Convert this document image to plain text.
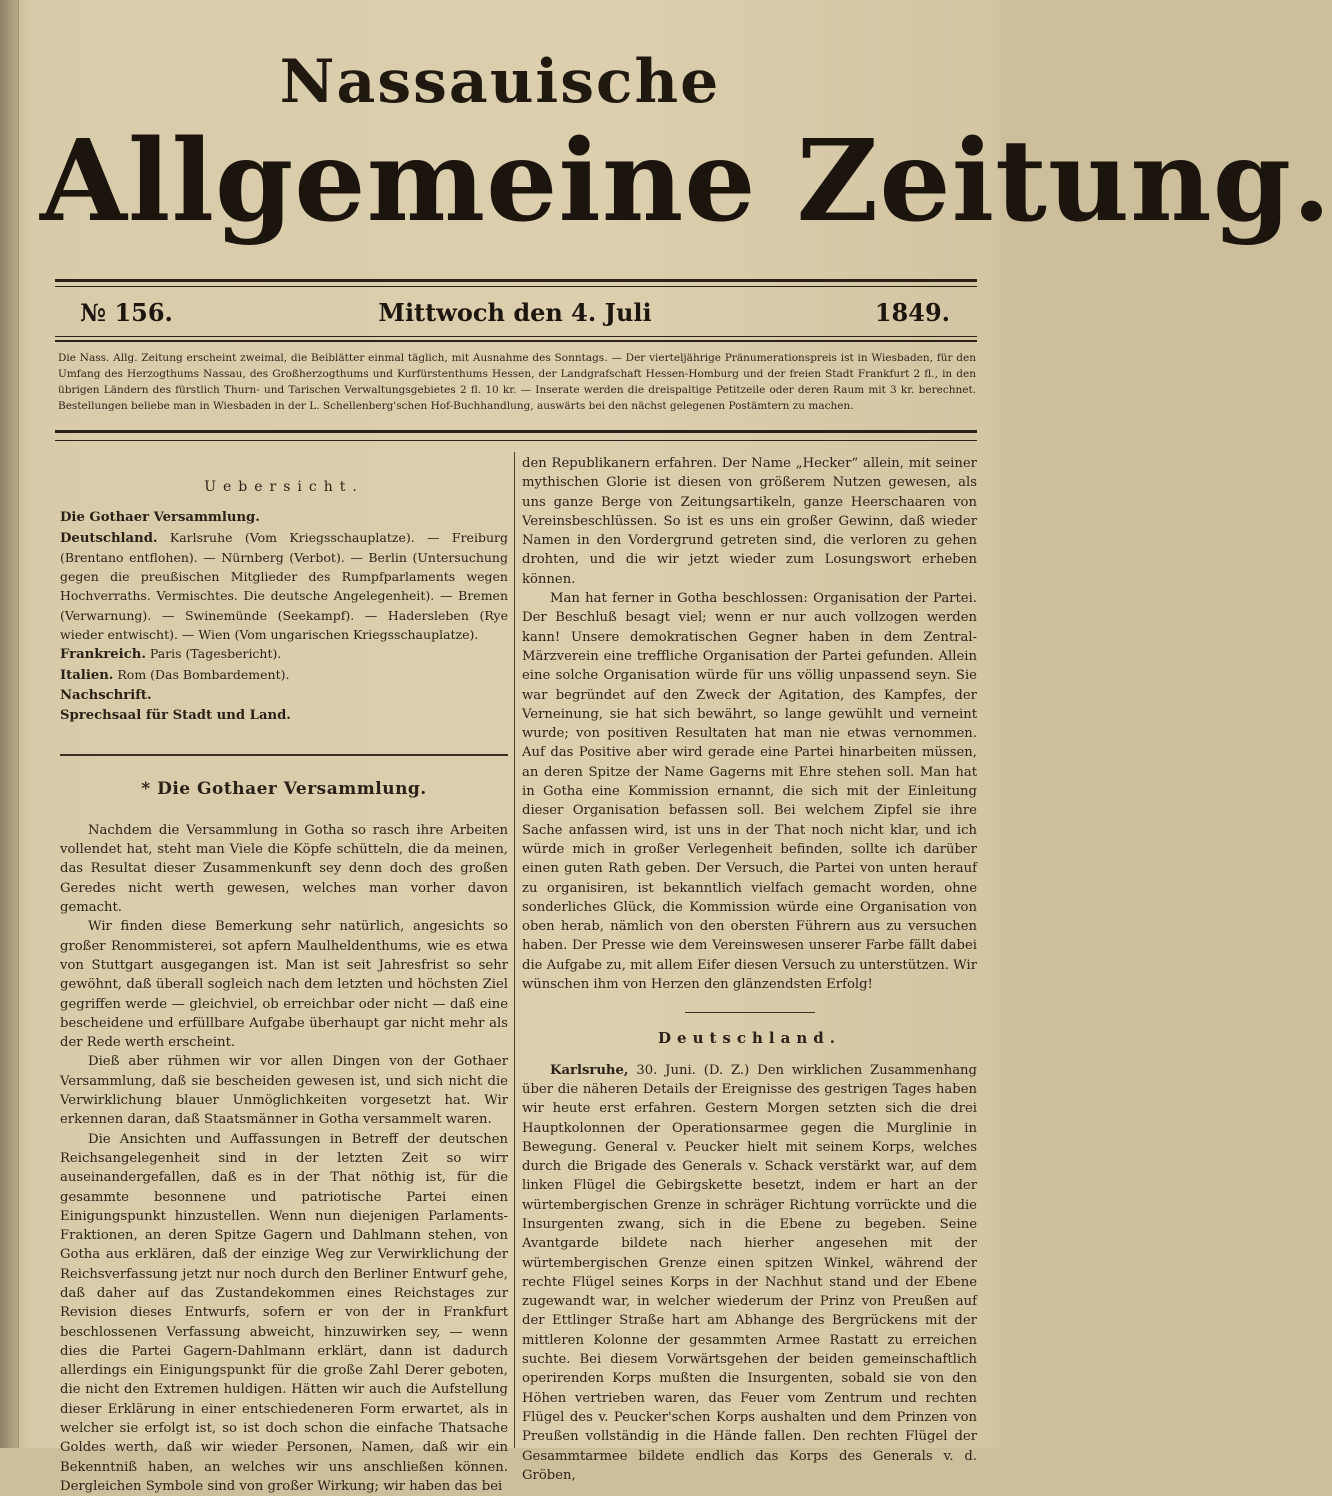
Nassauische
Allgemeine Zeitung.
№ 156.	Mittwoch den 4. Juli	1849.
Die Nass. Allg. Zeitung erscheint zweimal, die Beiblätter einmal täglich, mit Ausnahme des Sonntags. — Der vierteljährige Pränumerationspreis ist in Wiesbaden, für den Umfang des Herzogthums Nassau, des Großherzogthums und Kurfürstenthums Hessen, der Landgrafschaft Hessen-Homburg und der freien Stadt Frankfurt 2 fl., in den übrigen Ländern des fürstlich Thurn- und Tarischen Verwaltungsgebietes 2 fl. 10 kr. — Inserate werden die dreispaltige Petitzeile oder deren Raum mit 3 kr. berechnet. Bestellungen beliebe man in Wiesbaden in der L. Schellenberg'schen Hof-Buchhandlung, auswärts bei den nächst gelegenen Postämtern zu machen.
Uebersicht.

Die Gothaer Versammlung.

Deutschland. Karlsruhe (Vom Kriegsschauplatze). — Freiburg (Brentano entflohen). — Nürnberg (Verbot). — Berlin (Untersuchung gegen die preußischen Mitglieder des Rumpfparlaments wegen Hochverraths. Vermischtes. Die deutsche Angelegenheit). — Bremen (Verwarnung). — Swinemünde (Seekampf). — Hadersleben (Rye wieder entwischt). — Wien (Vom ungarischen Kriegsschauplatze).

Frankreich. Paris (Tagesbericht).

Italien. Rom (Das Bombardement).

Nachschrift.

Sprechsaal für Stadt und Land.

* Die Gothaer Versammlung.

Nachdem die Versammlung in Gotha so rasch ihre Arbeiten vollendet hat, steht man Viele die Köpfe schütteln, die da meinen, das Resultat dieser Zusammenkunft sey denn doch des großen Geredes nicht werth gewesen, welches man vorher davon gemacht.

Wir finden diese Bemerkung sehr natürlich, angesichts so großer Renommisterei, sot apfern Maulheldenthums, wie es etwa von Stuttgart ausgegangen ist. Man ist seit Jahresfrist so sehr gewöhnt, daß überall sogleich nach dem letzten und höchsten Ziel gegriffen werde — gleichviel, ob erreichbar oder nicht — daß eine bescheidene und erfüllbare Aufgabe überhaupt gar nicht mehr als der Rede werth erscheint.

Dieß aber rühmen wir vor allen Dingen von der Gothaer Versammlung, daß sie bescheiden gewesen ist, und sich nicht die Verwirklichung blauer Unmöglichkeiten vorgesetzt hat. Wir erkennen daran, daß Staatsmänner in Gotha versammelt waren.

Die Ansichten und Auffassungen in Betreff der deutschen Reichsangelegenheit sind in der letzten Zeit so wirr auseinandergefallen, daß es in der That nöthig ist, für die gesammte besonnene und patriotische Partei einen Einigungspunkt hinzustellen. Wenn nun diejenigen Parlaments-Fraktionen, an deren Spitze Gagern und Dahlmann stehen, von Gotha aus erklären, daß der einzige Weg zur Verwirklichung der Reichsverfassung jetzt nur noch durch den Berliner Entwurf gehe, daß daher auf das Zustandekommen eines Reichstages zur Revision dieses Entwurfs, sofern er von der in Frankfurt beschlossenen Verfassung abweicht, hinzuwirken sey, — wenn dies die Partei Gagern-Dahlmann erklärt, dann ist dadurch allerdings ein Einigungspunkt für die große Zahl Derer geboten, die nicht den Extremen huldigen. Hätten wir auch die Aufstellung dieser Erklärung in einer entschiedeneren Form erwartet, als in welcher sie erfolgt ist, so ist doch schon die einfache Thatsache Goldes werth, daß wir wieder Personen, Namen, daß wir ein Bekenntniß haben, an welches wir uns anschließen können. Dergleichen Symbole sind von großer Wirkung; wir haben das bei

den Republikanern erfahren. Der Name „Hecker“ allein, mit seiner mythischen Glorie ist diesen von größerem Nutzen gewesen, als uns ganze Berge von Zeitungsartikeln, ganze Heerschaaren von Vereinsbeschlüssen. So ist es uns ein großer Gewinn, daß wieder Namen in den Vordergrund getreten sind, die verloren zu gehen drohten, und die wir jetzt wieder zum Losungswort erheben können.

Man hat ferner in Gotha beschlossen: Organisation der Partei. Der Beschluß besagt viel; wenn er nur auch vollzogen werden kann! Unsere demokratischen Gegner haben in dem Zentral-Märzverein eine treffliche Organisation der Partei gefunden. Allein eine solche Organisation würde für uns völlig unpassend seyn. Sie war begründet auf den Zweck der Agitation, des Kampfes, der Verneinung, sie hat sich bewährt, so lange gewühlt und verneint wurde; von positiven Resultaten hat man nie etwas vernommen. Auf das Positive aber wird gerade eine Partei hinarbeiten müssen, an deren Spitze der Name Gagerns mit Ehre stehen soll. Man hat in Gotha eine Kommission ernannt, die sich mit der Einleitung dieser Organisation befassen soll. Bei welchem Zipfel sie ihre Sache anfassen wird, ist uns in der That noch nicht klar, und ich würde mich in großer Verlegenheit befinden, sollte ich darüber einen guten Rath geben. Der Versuch, die Partei von unten herauf zu organisiren, ist bekanntlich vielfach gemacht worden, ohne sonderliches Glück, die Kommission würde eine Organisation von oben herab, nämlich von den obersten Führern aus zu versuchen haben. Der Presse wie dem Vereinswesen unserer Farbe fällt dabei die Aufgabe zu, mit allem Eifer diesen Versuch zu unterstützen. Wir wünschen ihm von Herzen den glänzendsten Erfolg!

Deutschland.

Karlsruhe, 30. Juni. (D. Z.) Den wirklichen Zusammenhang über die näheren Details der Ereignisse des gestrigen Tages haben wir heute erst erfahren. Gestern Morgen setzten sich die drei Hauptkolonnen der Operationsarmee gegen die Murglinie in Bewegung. General v. Peucker hielt mit seinem Korps, welches durch die Brigade des Generals v. Schack verstärkt war, auf dem linken Flügel die Gebirgskette besetzt, indem er hart an der würtembergischen Grenze in schräger Richtung vorrückte und die Insurgenten zwang, sich in die Ebene zu begeben. Seine Avantgarde bildete nach hierher angesehen mit der würtembergischen Grenze einen spitzen Winkel, während der rechte Flügel seines Korps in der Nachhut stand und der Ebene zugewandt war, in welcher wiederum der Prinz von Preußen auf der Ettlinger Straße hart am Abhange des Bergrückens mit der mittleren Kolonne der gesammten Armee Rastatt zu erreichen suchte. Bei diesem Vorwärtsgehen der beiden gemeinschaftlich operirenden Korps mußten die Insurgenten, sobald sie von den Höhen vertrieben waren, das Feuer vom Zentrum und rechten Flügel des v. Peucker'schen Korps aushalten und dem Prinzen von Preußen vollständig in die Hände fallen. Den rechten Flügel der Gesammtarmee bildete endlich das Korps des Generals v. d. Gröben,
